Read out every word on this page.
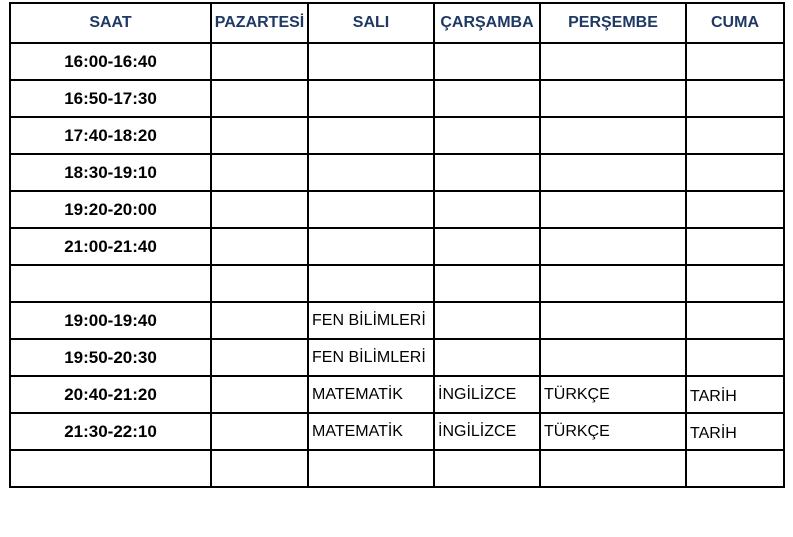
SAAT	PAZARTESİ	SALI	ÇARŞAMBA	PERŞEMBE	CUMA
16:00-16:40					
16:50-17:30					
17:40-18:20					
18:30-19:10					
19:20-20:00					
21:00-21:40					

19:00-19:40		FEN BİLİMLERİ			
19:50-20:30		FEN BİLİMLERİ			
20:40-21:20		MATEMATİK	İNGİLİZCE	TÜRKÇE	TARİH
21:30-22:10		MATEMATİK	İNGİLİZCE	TÜRKÇE	TARİH
